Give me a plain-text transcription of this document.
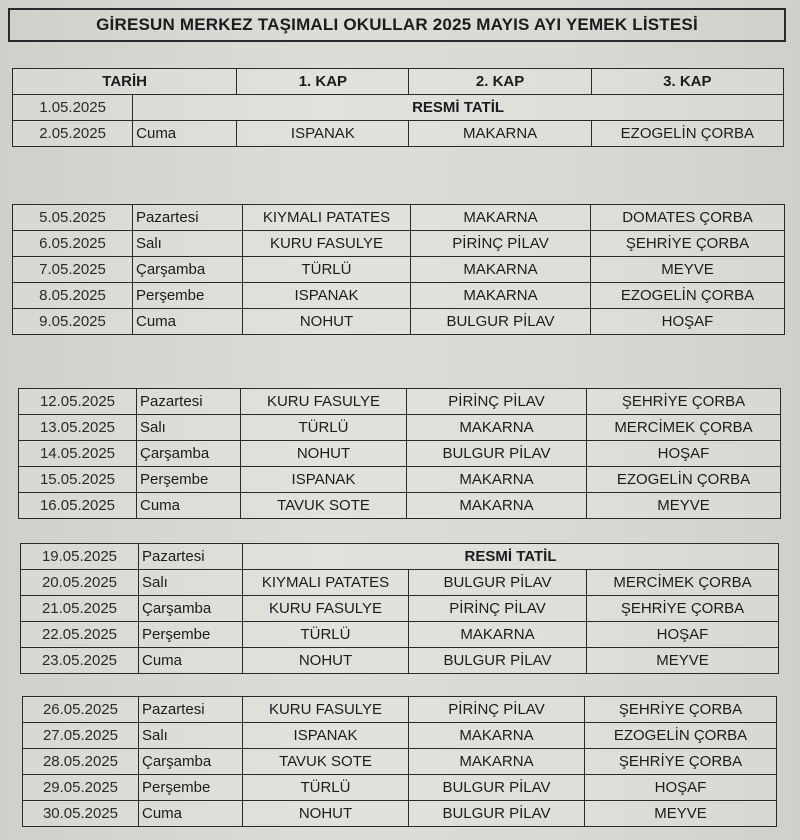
GİRESUN MERKEZ TAŞIMALI OKULLAR 2025 MAYIS AYI YEMEK LİSTESİ
TARİH		1. KAP	2. KAP	3. KAP
1.05.2025	RESMİ TATİL			
2.05.2025	Cuma	ISPANAK	MAKARNA	EZOGELİN ÇORBA
5.05.2025	Pazartesi	KIYMALI PATATES	MAKARNA	DOMATES ÇORBA
6.05.2025	Salı	KURU FASULYE	PİRİNÇ PİLAV	ŞEHRİYE ÇORBA
7.05.2025	Çarşamba	TÜRLÜ	MAKARNA	MEYVE
8.05.2025	Perşembe	ISPANAK	MAKARNA	EZOGELİN ÇORBA
9.05.2025	Cuma	NOHUT	BULGUR PİLAV	HOŞAF
12.05.2025	Pazartesi	KURU FASULYE	PİRİNÇ PİLAV	ŞEHRİYE ÇORBA
13.05.2025	Salı	TÜRLÜ	MAKARNA	MERCİMEK ÇORBA
14.05.2025	Çarşamba	NOHUT	BULGUR PİLAV	HOŞAF
15.05.2025	Perşembe	ISPANAK	MAKARNA	EZOGELİN ÇORBA
16.05.2025	Cuma	TAVUK SOTE	MAKARNA	MEYVE
19.05.2025	Pazartesi	RESMİ TATİL		
20.05.2025	Salı	KIYMALI PATATES	BULGUR PİLAV	MERCİMEK ÇORBA
21.05.2025	Çarşamba	KURU FASULYE	PİRİNÇ PİLAV	ŞEHRİYE ÇORBA
22.05.2025	Perşembe	TÜRLÜ	MAKARNA	HOŞAF
23.05.2025	Cuma	NOHUT	BULGUR PİLAV	MEYVE
26.05.2025	Pazartesi	KURU FASULYE	PİRİNÇ PİLAV	ŞEHRİYE ÇORBA
27.05.2025	Salı	ISPANAK	MAKARNA	EZOGELİN ÇORBA
28.05.2025	Çarşamba	TAVUK SOTE	MAKARNA	ŞEHRİYE ÇORBA
29.05.2025	Perşembe	TÜRLÜ	BULGUR PİLAV	HOŞAF
30.05.2025	Cuma	NOHUT	BULGUR PİLAV	MEYVE
